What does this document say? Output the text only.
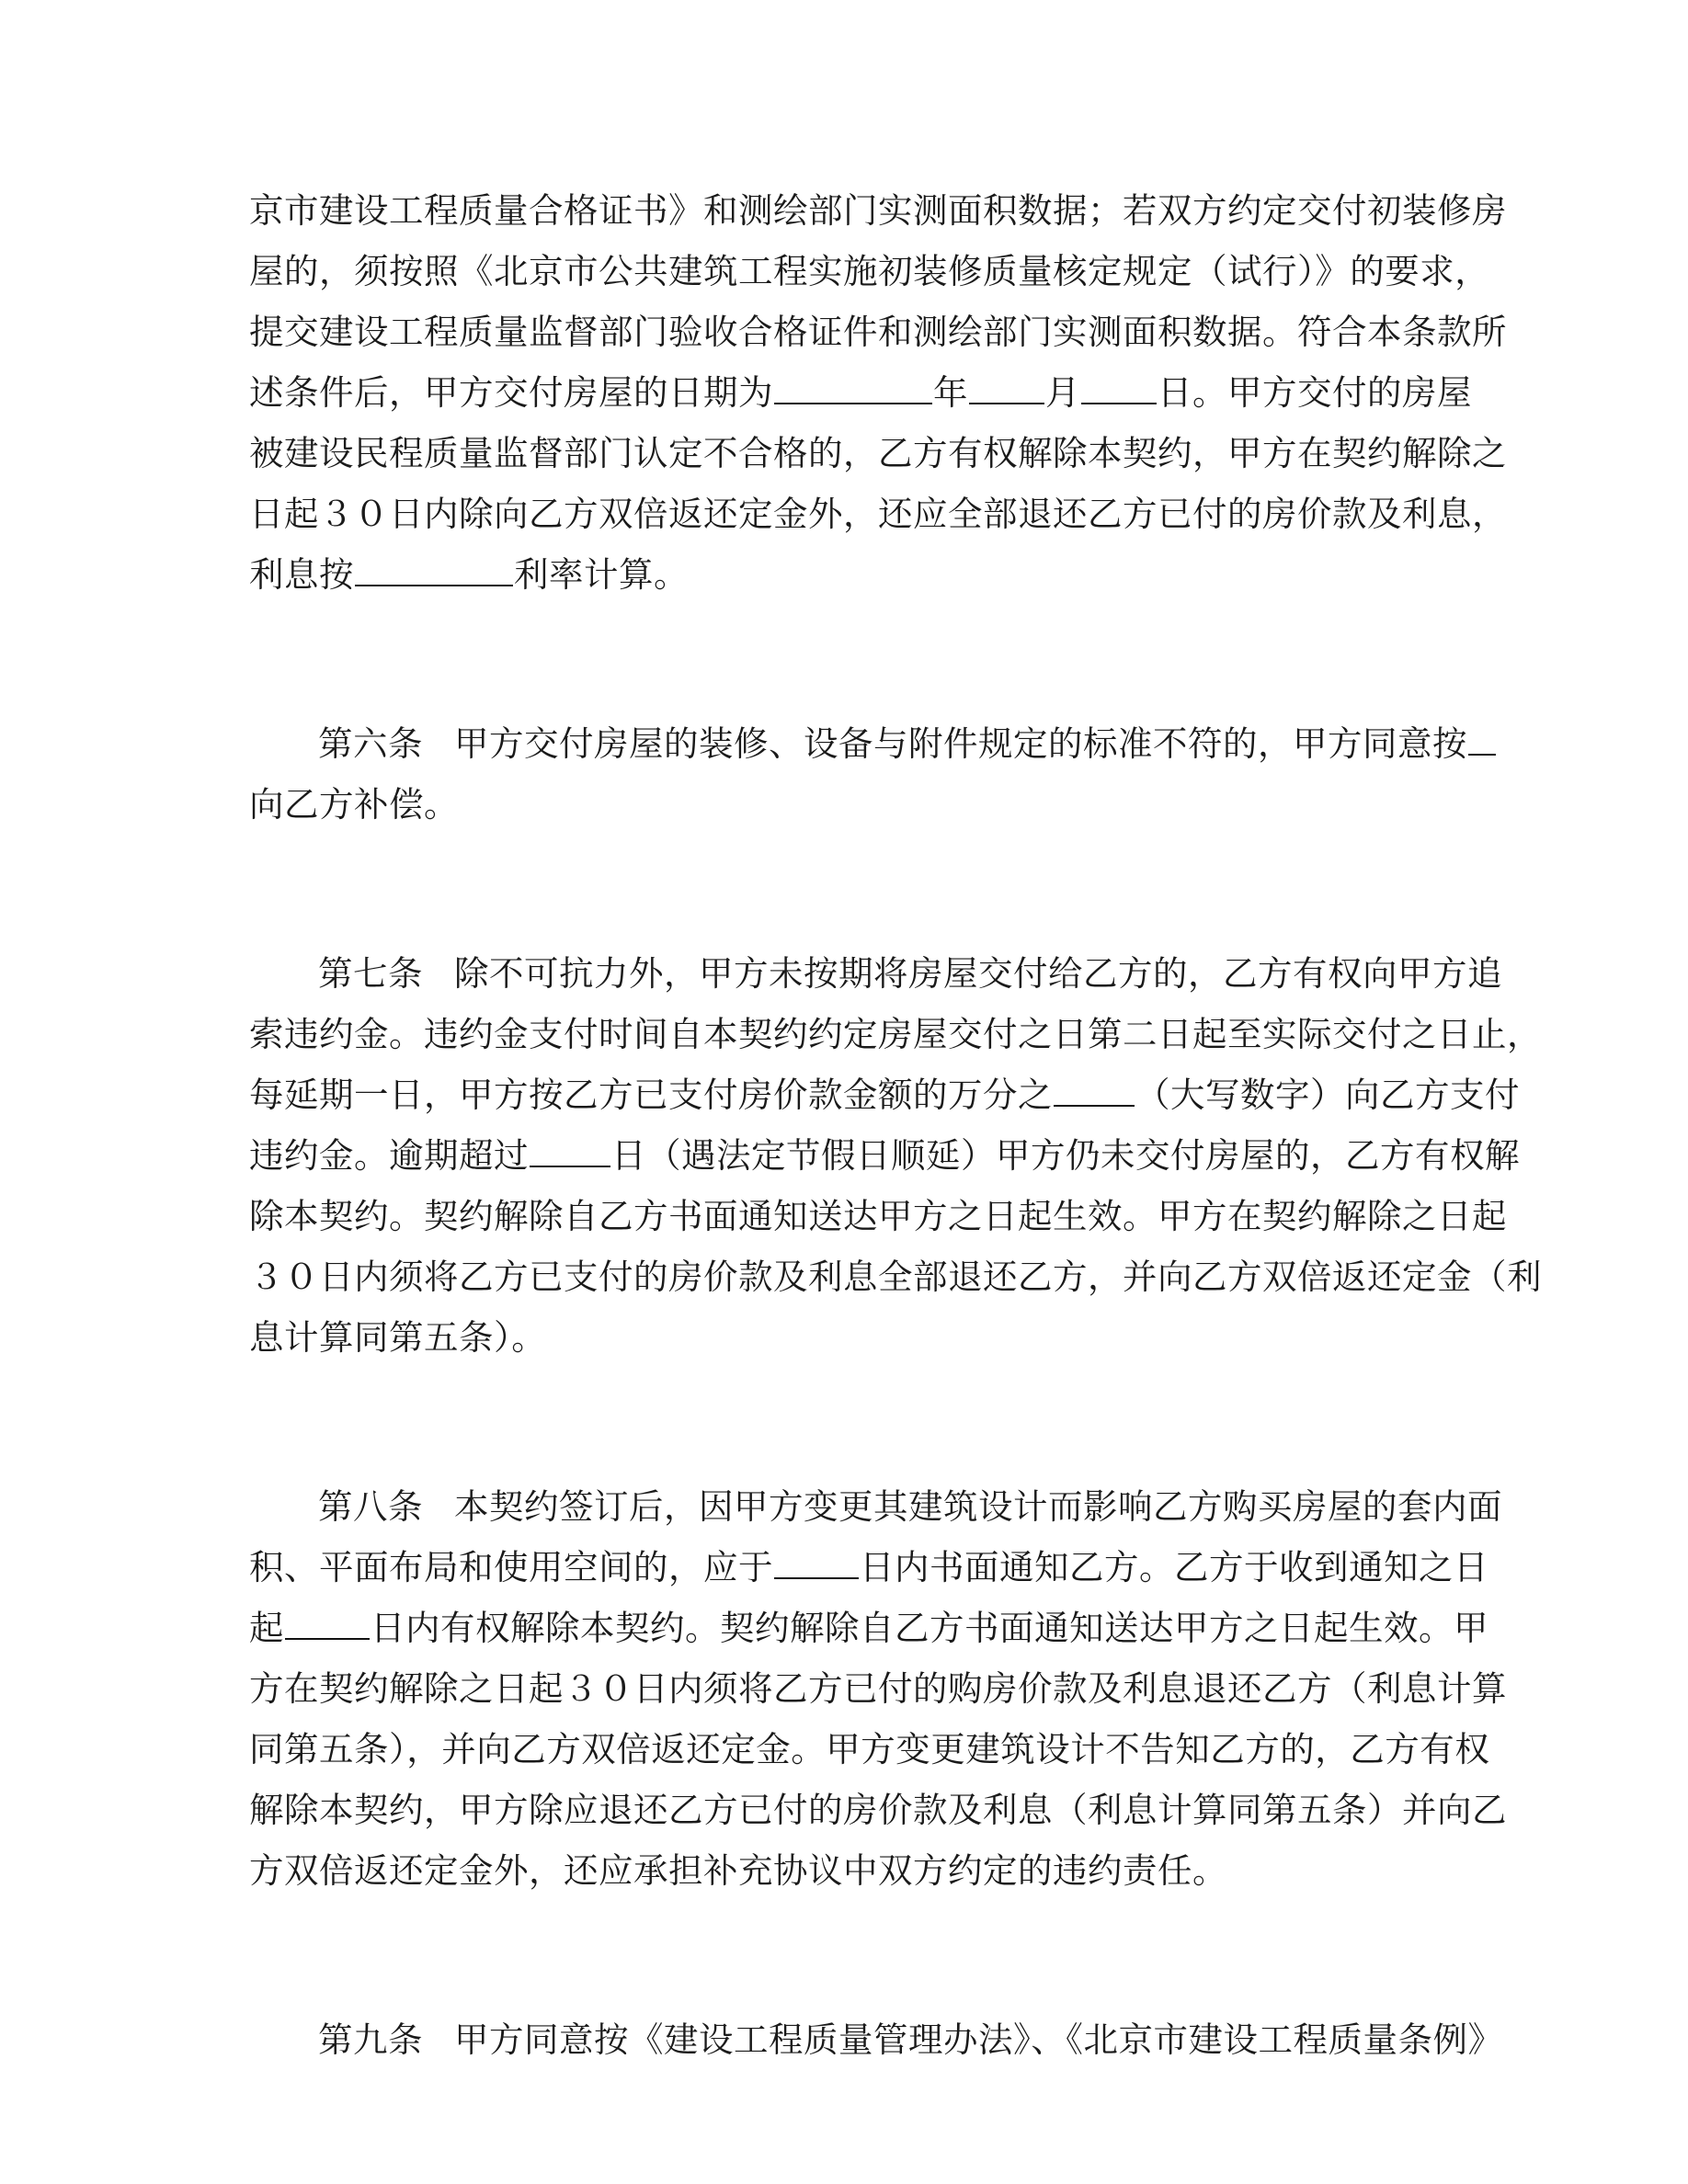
京市建设工程质量合格证书》和测绘部门实测面积数据；若双方约定交付初装修房
屋的，须按照《北京市公共建筑工程实施初装修质量核定规定（试行）》的要求，
提交建设工程质量监督部门验收合格证件和测绘部门实测面积数据。符合本条款所
述条件后，甲方交付房屋的日期为	年 月 日。甲方交付的房屋
被建设民程质量监督部门认定不合格的，乙方有权解除本契约，甲方在契约解除之
日起３０日内除向乙方双倍返还定金外，还应全部退还乙方已付的房价款及利息，
利息按	利率计算。
第六条 甲方交付房屋的装修、设备与附件规定的标准不符的，甲方同意按
向乙方补偿。
第七条 除不可抗力外，甲方未按期将房屋交付给乙方的，乙方有权向甲方追
索违约金。违约金支付时间自本契约约定房屋交付之日第二日起至实际交付之日止，
每延期一日，甲方按乙方已支付房价款金额的万分之 （大写数字）向乙方支付
违约金。逾期超过 日（遇法定节假日顺延）甲方仍未交付房屋的，乙方有权解
除本契约。契约解除自乙方书面通知送达甲方之日起生效。甲方在契约解除之日起
３０日内须将乙方已支付的房价款及利息全部退还乙方，并向乙方双倍返还定金（利
息计算同第五条）。
第八条 本契约签订后，因甲方变更其建筑设计而影响乙方购买房屋的套内面
积、平面布局和使用空间的，应于	日内书面通知乙方。乙方于收到通知之日
起	日内有权解除本契约。契约解除自乙方书面通知送达甲方之日起生效。甲
方在契约解除之日起３０日内须将乙方已付的购房价款及利息退还乙方（利息计算
同第五条），并向乙方双倍返还定金。甲方变更建筑设计不告知乙方的，乙方有权
解除本契约，甲方除应退还乙方已付的房价款及利息（利息计算同第五条）并向乙
方双倍返还定金外，还应承担补充协议中双方约定的违约责任。
第九条 甲方同意按《建设工程质量管理办法》、《北京市建设工程质量条例》
